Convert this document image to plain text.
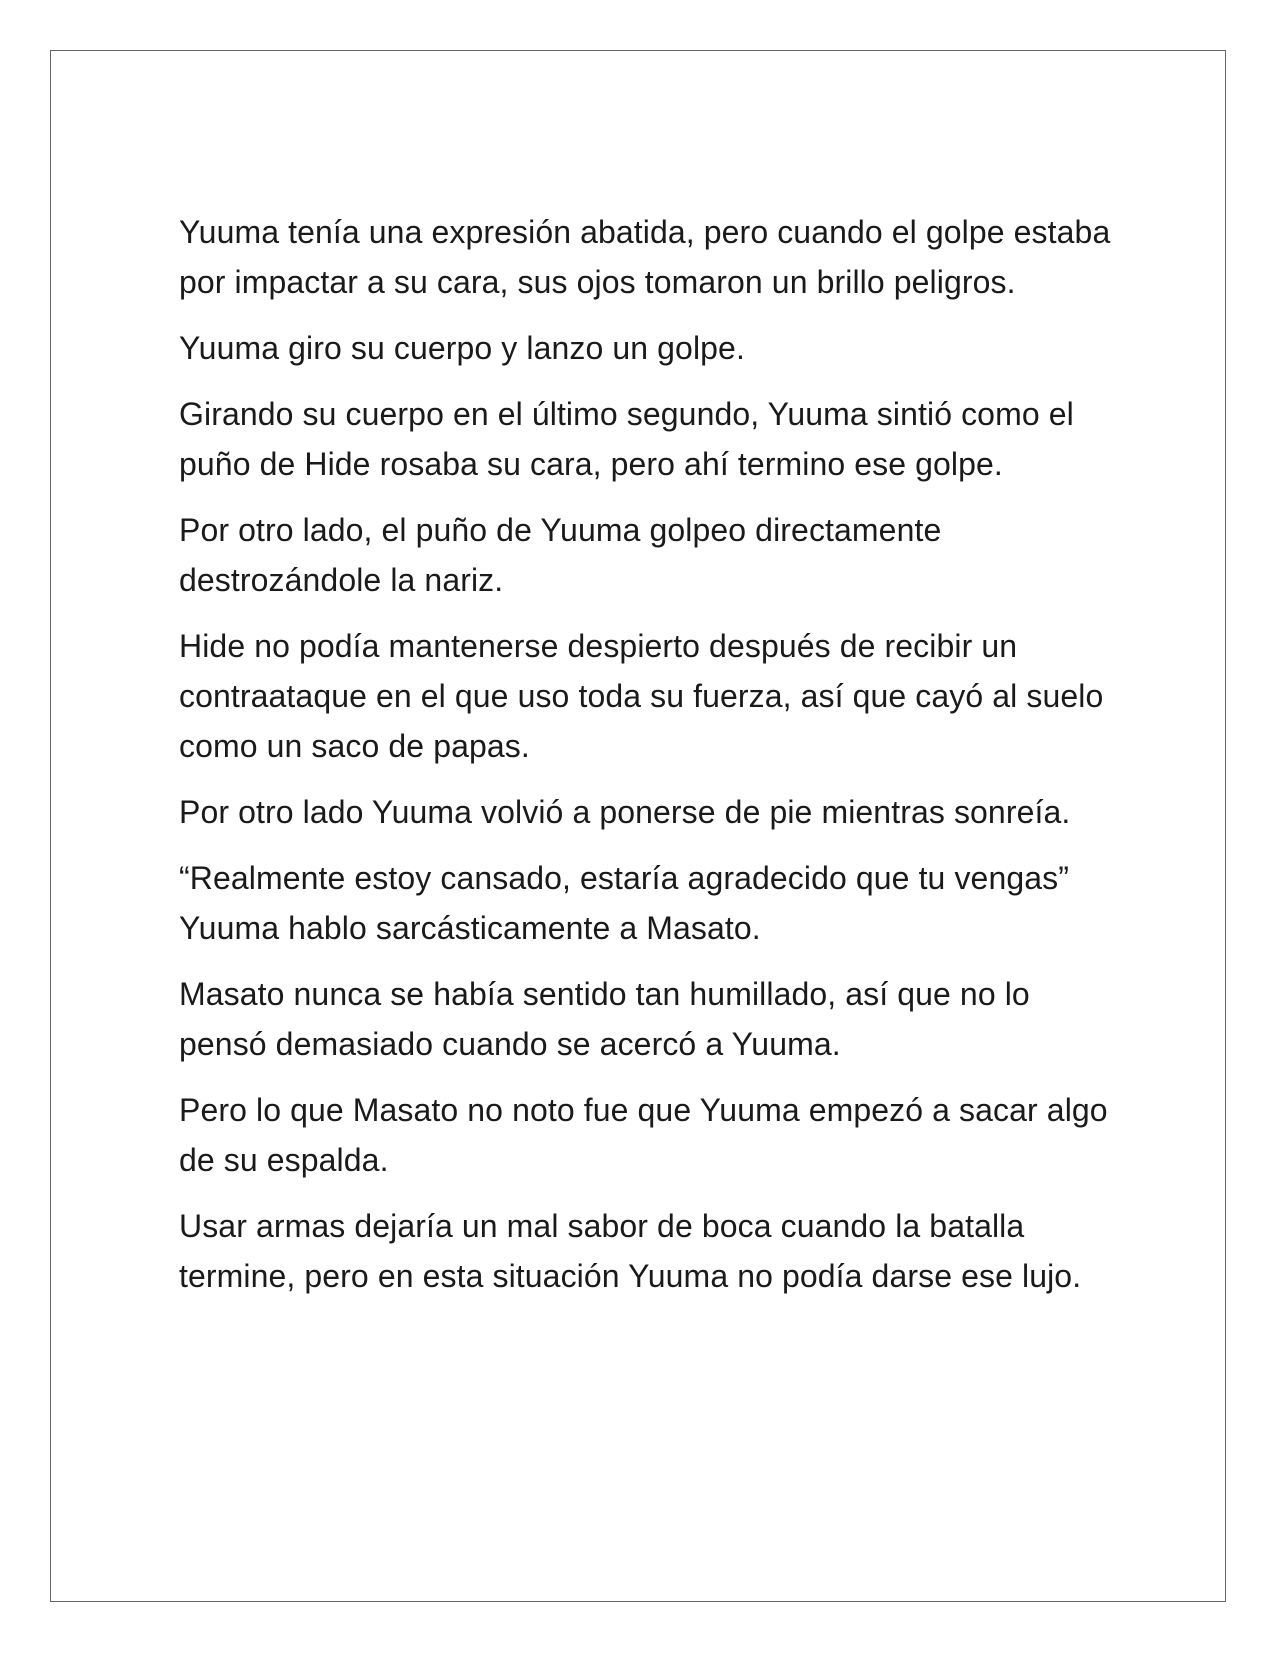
Yuuma tenía una expresión abatida, pero cuando el golpe estaba por impactar a su cara, sus ojos tomaron un brillo peligros.

Yuuma giro su cuerpo y lanzo un golpe.

Girando su cuerpo en el último segundo, Yuuma sintió como el puño de Hide rosaba su cara, pero ahí termino ese golpe.

Por otro lado, el puño de Yuuma golpeo directamente destrozándole la nariz.

Hide no podía mantenerse despierto después de recibir un contraataque en el que uso toda su fuerza, así que cayó al suelo como un saco de papas.

Por otro lado Yuuma volvió a ponerse de pie mientras sonreía.

“Realmente estoy cansado, estaría agradecido que tu vengas” Yuuma hablo sarcásticamente a Masato.

Masato nunca se había sentido tan humillado, así que no lo pensó demasiado cuando se acercó a Yuuma.

Pero lo que Masato no noto fue que Yuuma empezó a sacar algo de su espalda.

Usar armas dejaría un mal sabor de boca cuando la batalla termine, pero en esta situación Yuuma no podía darse ese lujo.
